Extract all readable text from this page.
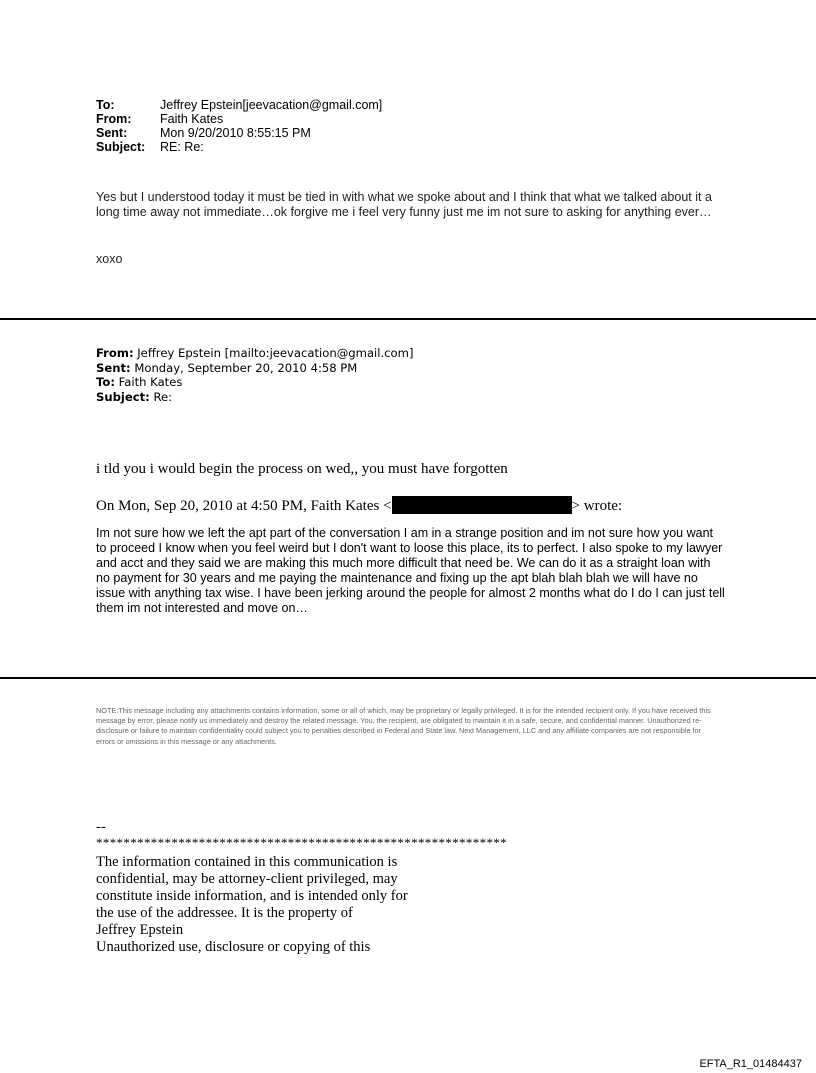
To:	Jeffrey Epstein[jeevacation@gmail.com]
From:	Faith Kates
Sent:	Mon 9/20/2010 8:55:15 PM
Subject:	RE: Re:
Yes but I understood today it must be tied in with what we spoke about and I think that what we talked about it a long time away not immediate…ok forgive me i feel very funny just me im not sure to asking for anything ever…
xoxo
From: Jeffrey Epstein [mailto:jeevacation@gmail.com]
Sent: Monday, September 20, 2010 4:58 PM
To: Faith Kates
Subject: Re:
i tld you i would begin the process on wed,, you must have forgotten
On Mon, Sep 20, 2010 at 4:50 PM, Faith Kates <	> wrote:
Im not sure how we left the apt part of the conversation I am in a strange position and im not sure how you want to proceed I know when you feel weird but I don't want to loose this place, its to perfect. I also spoke to my lawyer and acct and they said we are making this much more difficult that need be. We can do it as a straight loan with no payment for 30 years and me paying the maintenance and fixing up the apt blah blah blah we will have no issue with anything tax wise. I have been jerking around the people for almost 2 months what do I do I can just tell them im not interested and move on…
NOTE:This message including any attachments contains information, some or all of which, may be proprietary or legally privileged. It is for the intended recipient only. If you have received this message by error, please notify us immediately and destroy the related message. You, the recipient, are obligated to maintain it in a safe, secure, and confidential manner. Unauthorized re-disclosure or failure to maintain confidentiality could subject you to penalties described in Federal and State law. Next Management, LLC and any affiliate companies are not responsible for errors or omissions in this message or any attachments.
--
************************************************************
The information contained in this communication is
confidential, may be attorney-client privileged, may
constitute inside information, and is intended only for
the use of the addressee. It is the property of
Jeffrey Epstein
Unauthorized use, disclosure or copying of this
EFTA_R1_01484437
